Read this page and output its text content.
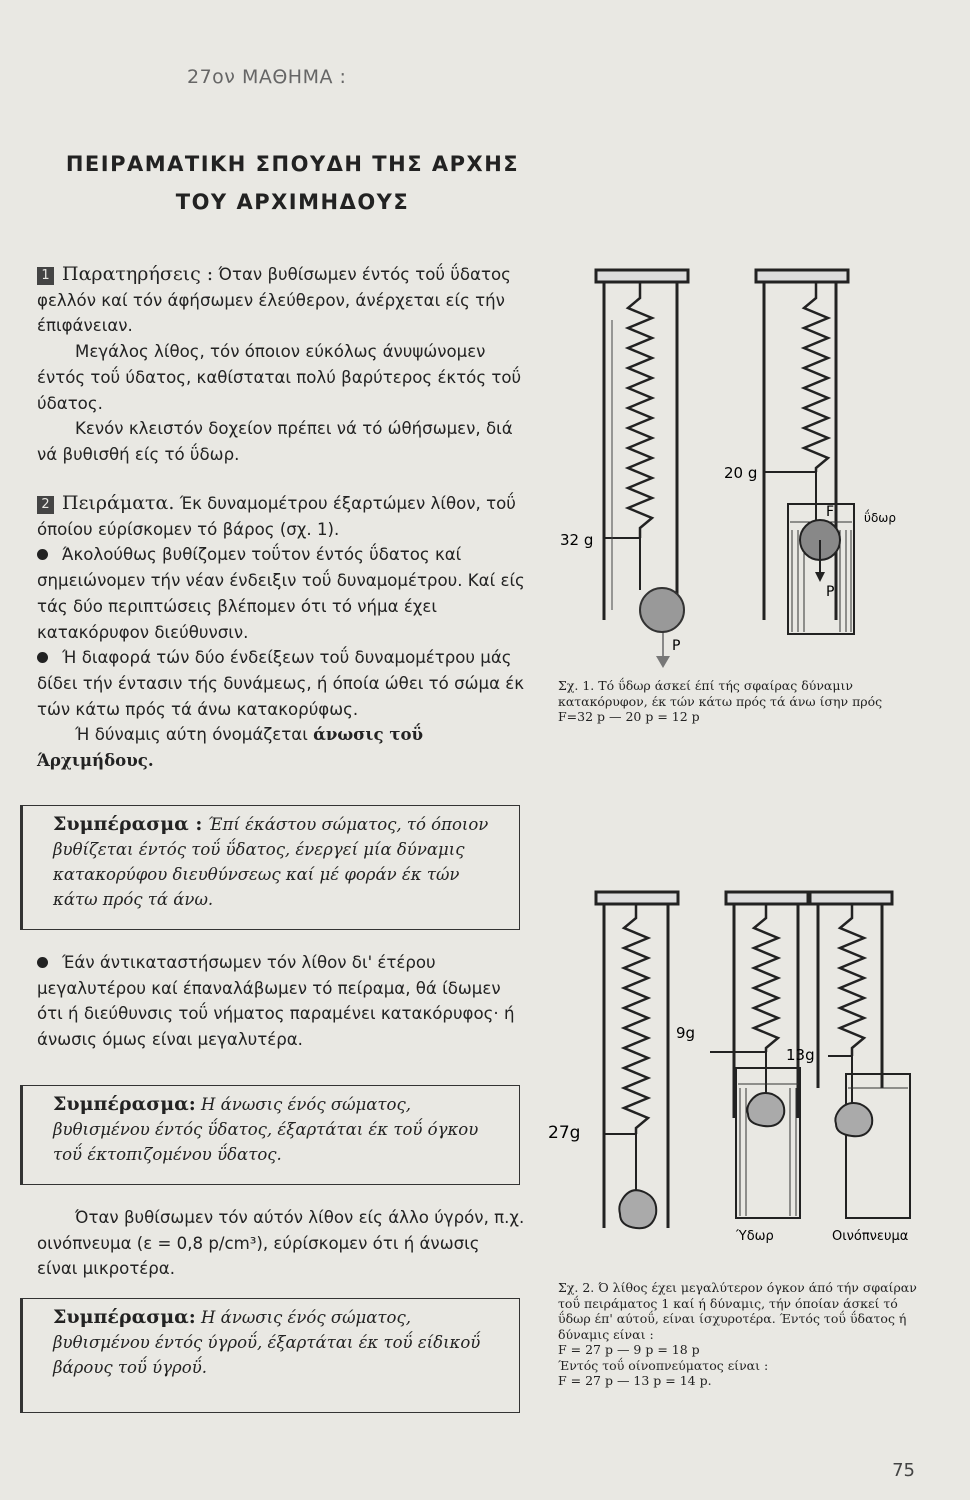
27ον ΜΑΘΗΜΑ :
ΠΕΙΡΑΜΑΤΙΚΗ ΣΠΟΥΔΗ ΤΗΣ ΑΡΧΗΣ
ΤΟΥ ΑΡΧΙΜΗΔΟΥΣ
1 Παρατηρήσεις : Όταν βυθίσωμεν έντός τοΰ ΰδατος φελλόν καί τόν άφήσωμεν έλεύθερον, άνέρχεται είς τήν έπιφάνειαν.
Μεγάλος λίθος, τόν όποιον εύκόλως άνυψώνομεν έντός τοΰ ύδατος, καθίσταται πολύ βαρύτερος έκτός τοΰ ύδατος.
Κενόν κλειστόν δοχείον πρέπει νά τό ώθήσωμεν, διά νά βυθισθή είς τό ΰδωρ.
2 Πειράματα. Έκ δυναμομέτρου έξαρτώμεν λίθον, τοΰ όποίου εύρίσκομεν τό βάρος (σχ. 1).
Άκολούθως βυθίζομεν τοΰτον έντός ΰδατος καί σημειώνομεν τήν νέαν ένδειξιν τοΰ δυναμομέτρου. Καί είς τάς δύο περιπτώσεις βλέπομεν ότι τό νήμα έχει κατακόρυφον διεύθυνσιν.
Ή διαφορά τών δύο ένδείξεων τοΰ δυναμομέτρου μάς δίδει τήν έντασιν τής δυνάμεως, ή όποία ώθει τό σώμα έκ τών κάτω πρός τά άνω κατακορύφως.
Ή δύναμις αύτη όνομάζεται άνωσις τοΰ Άρχιμήδους.
Συμπέρασμα : Έπί έκάστου σώματος, τό όποιον βυθίζεται έντός τοΰ ΰδατος, ένεργεί μία δύναμις κατακορύφου διευθύνσεως καί μέ φοράν έκ τών κάτω πρός τά άνω.
Έάν άντικαταστήσωμεν τόν λίθον δι' έτέρου μεγαλυτέρου καί έπαναλάβωμεν τό πείραμα, θά ίδωμεν ότι ή διεύθυνσις τοΰ νήματος παραμένει κατακόρυφος· ή άνωσις όμως είναι μεγαλυτέρα.
Συμπέρασμα: Η άνωσις ένός σώματος, βυθισμένου έντός ΰδατος, έξαρτάται έκ τοΰ όγκου τοΰ έκτοπιζομένου ΰδατος.
Όταν βυθίσωμεν τόν αύτόν λίθον είς άλλο ύγρόν, π.χ. οινόπνευμα (ε = 0,8 p/cm³), εύρίσκομεν ότι ή άνωσις είναι μικροτέρα.
Συμπέρασμα: Η άνωσις ένός σώματος, βυθισμένου έντός ύγροΰ, έξαρτάται έκ τοΰ είδικοΰ βάρους τοΰ ύγροΰ.
32 g
P
20 g
F
P
ΰδωρ
Σχ. 1. Τό ΰδωρ άσκεί έπί τής σφαίρας δύναμιν κατακόρυφον, έκ τών κάτω πρός τά άνω ίσην πρός F=32 p — 20 p = 12 p
27g
9g
13g
Ύδωρ	Οινόπνευμα
Σχ. 2. Ό λίθος έχει μεγαλύτερον όγκον άπό τήν σφαίραν τοΰ πειράματος 1 καί ή δύναμις, τήν όποίαν άσκεί τό ΰδωρ έπ' αύτοΰ, είναι ίσχυροτέρα. Έντός τοΰ ΰδατος ή δύναμις είναι :
F = 27 p — 9 p = 18 p
Έντός τοΰ οίνοπνεύματος είναι :
F = 27 p — 13 p = 14 p.
75
